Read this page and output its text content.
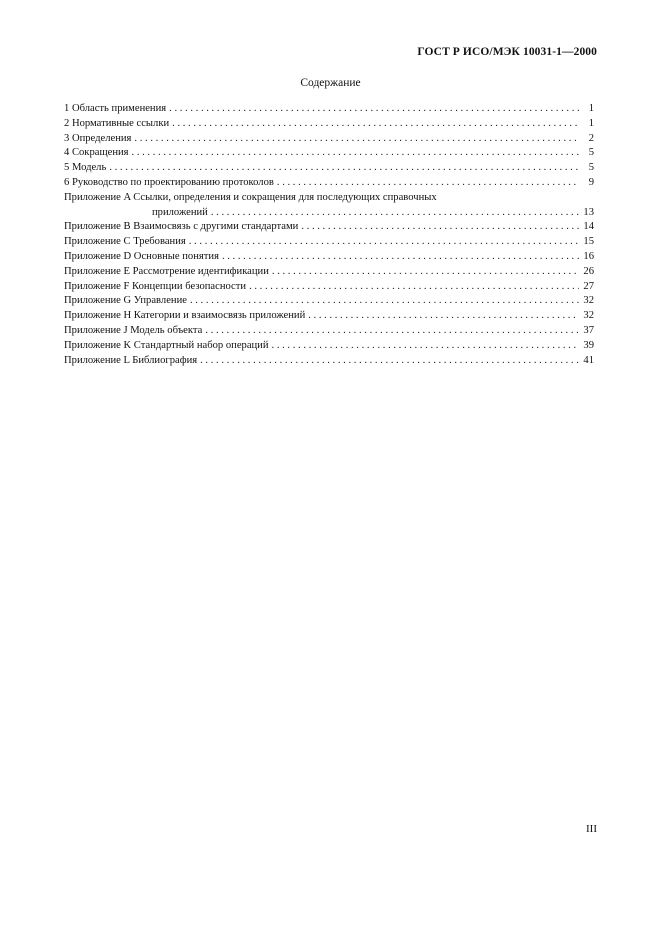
ГОСТ Р ИСО/МЭК 10031-1—2000
Содержание
1 Область применения . . .	1
2 Нормативные ссылки . . .	1
3 Определения . . .	2
4 Сокращения . . .	5
5 Модель . . .	5
6 Руководство по проектированию протоколов . . .	9
Приложение A Ссылки, определения и сокращения для последующих справочных
приложений . . .	13
Приложение B Взаимосвязь с другими стандартами . . .	14
Приложение C Требования . . .	15
Приложение D Основные понятия . . .	16
Приложение E Рассмотрение идентификации . . .	26
Приложение F Концепции безопасности . . .	27
Приложение G Управление . . .	32
Приложение H Категории и взаимосвязь приложений . . .	32
Приложение J Модель объекта . . .	37
Приложение K Стандартный набор операций . . .	39
Приложение L Библиография . . .	41
III
